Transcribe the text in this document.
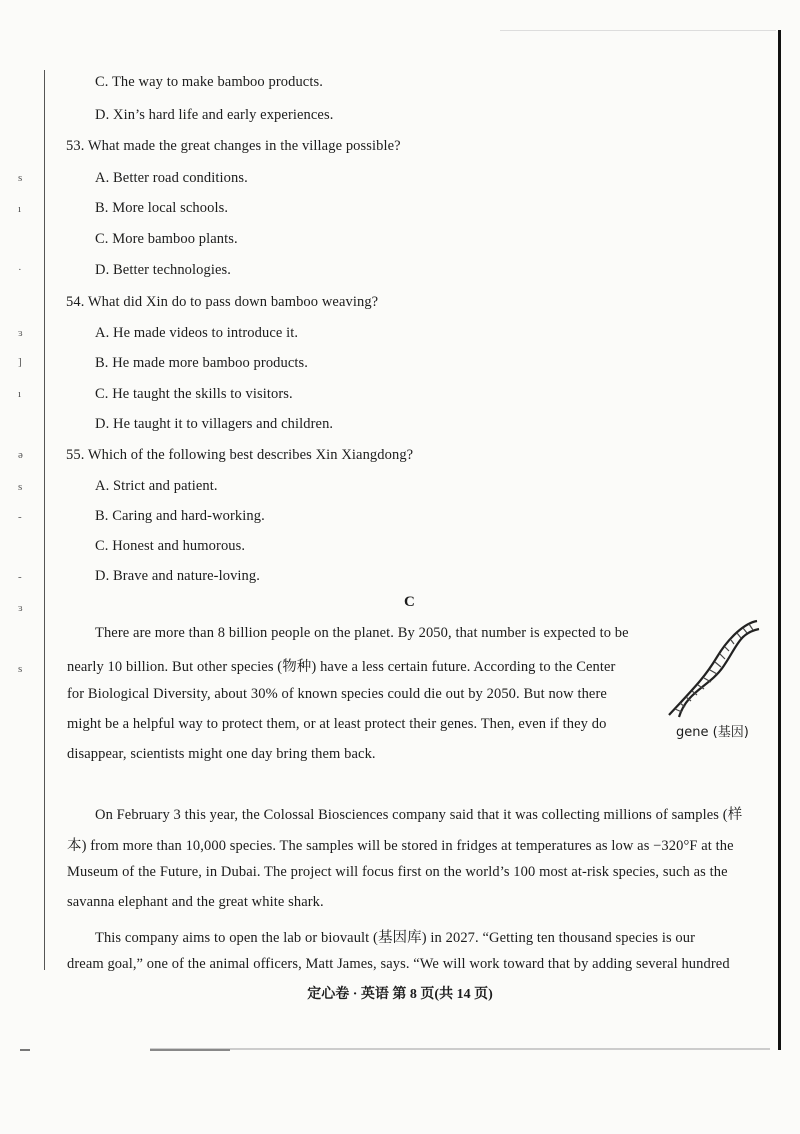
s
ı
·
ɜ
]
ı
ə
s
-
-
ɜ
s
C. The way to make bamboo products.
D. Xin’s hard life and early experiences.
53. What made the great changes in the village possible?
A. Better road conditions.
B. More local schools.
C. More bamboo plants.
D. Better technologies.
54. What did Xin do to pass down bamboo weaving?
A. He made videos to introduce it.
B. He made more bamboo products.
C. He taught the skills to visitors.
D. He taught it to villagers and children.
55. Which of the following best describes Xin Xiangdong?
A. Strict and patient.
B. Caring and hard-working.
C. Honest and humorous.
D. Brave and nature-loving.
C
There are more than 8 billion people on the planet. By 2050, that number is expected to be
nearly 10 billion. But other species (物种) have a less certain future. According to the Center
for Biological Diversity, about 30% of known species could die out by 2050. But now there
might be a helpful way to protect them, or at least protect their genes. Then, even if they do
disappear, scientists might one day bring them back.
gene (基因)
On February 3 this year, the Colossal Biosciences company said that it was collecting millions of samples (样
本) from more than 10,000 species. The samples will be stored in fridges at temperatures as low as −320°F at the
Museum of the Future, in Dubai. The project will focus first on the world’s 100 most at-risk species, such as the
savanna elephant and the great white shark.
This company aims to open the lab or biovault (基因库) in 2027. “Getting ten thousand species is our
dream goal,” one of the animal officers, Matt James, says. “We will work toward that by adding several hundred
定心卷 · 英语 第 8 页(共 14 页)
